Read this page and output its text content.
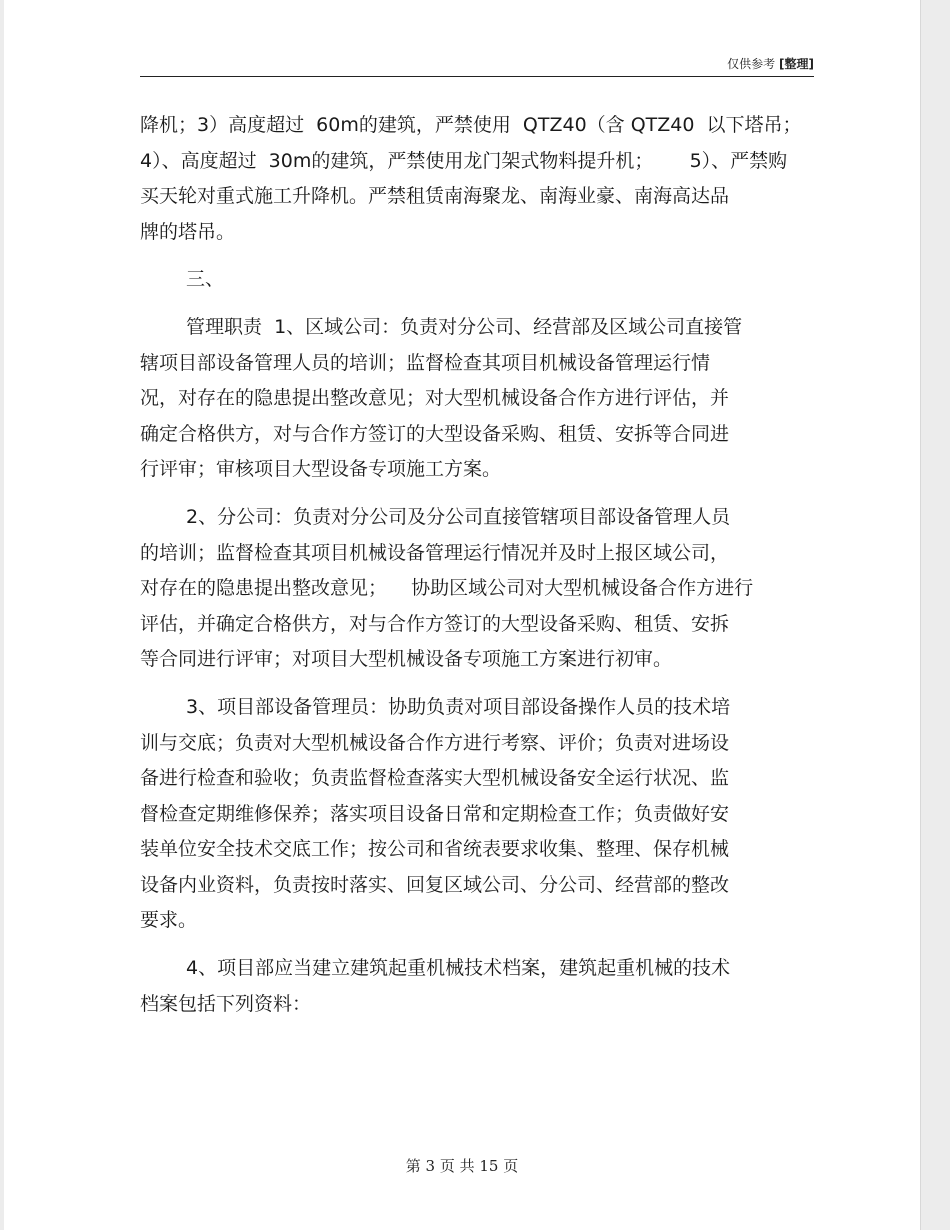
仅供参考 [整理]
降机；3）高度超过  60m的建筑，严禁使用  QTZ40（含 QTZ40  以下塔吊；
4）、高度超过  30m的建筑，严禁使用龙门架式物料提升机；      5）、严禁购
买天轮对重式施工升降机。严禁租赁南海聚龙、南海业豪、南海高达品
牌的塔吊。
三、
管理职责  1、区域公司：负责对分公司、经营部及区域公司直接管
辖项目部设备管理人员的培训；监督检查其项目机械设备管理运行情
况，对存在的隐患提出整改意见；对大型机械设备合作方进行评估，并
确定合格供方，对与合作方签订的大型设备采购、租赁、安拆等合同进
行评审；审核项目大型设备专项施工方案。
2、分公司：负责对分公司及分公司直接管辖项目部设备管理人员
的培训；监督检查其项目机械设备管理运行情况并及时上报区域公司，
对存在的隐患提出整改意见；    协助区域公司对大型机械设备合作方进行
评估，并确定合格供方，对与合作方签订的大型设备采购、租赁、安拆
等合同进行评审；对项目大型机械设备专项施工方案进行初审。
3、项目部设备管理员：协助负责对项目部设备操作人员的技术培
训与交底；负责对大型机械设备合作方进行考察、评价；负责对进场设
备进行检查和验收；负责监督检查落实大型机械设备安全运行状况、监
督检查定期维修保养；落实项目设备日常和定期检查工作；负责做好安
装单位安全技术交底工作；按公司和省统表要求收集、整理、保存机械
设备内业资料，负责按时落实、回复区域公司、分公司、经营部的整改
要求。
4、项目部应当建立建筑起重机械技术档案，建筑起重机械的技术
档案包括下列资料：
第 3 页 共 15 页
